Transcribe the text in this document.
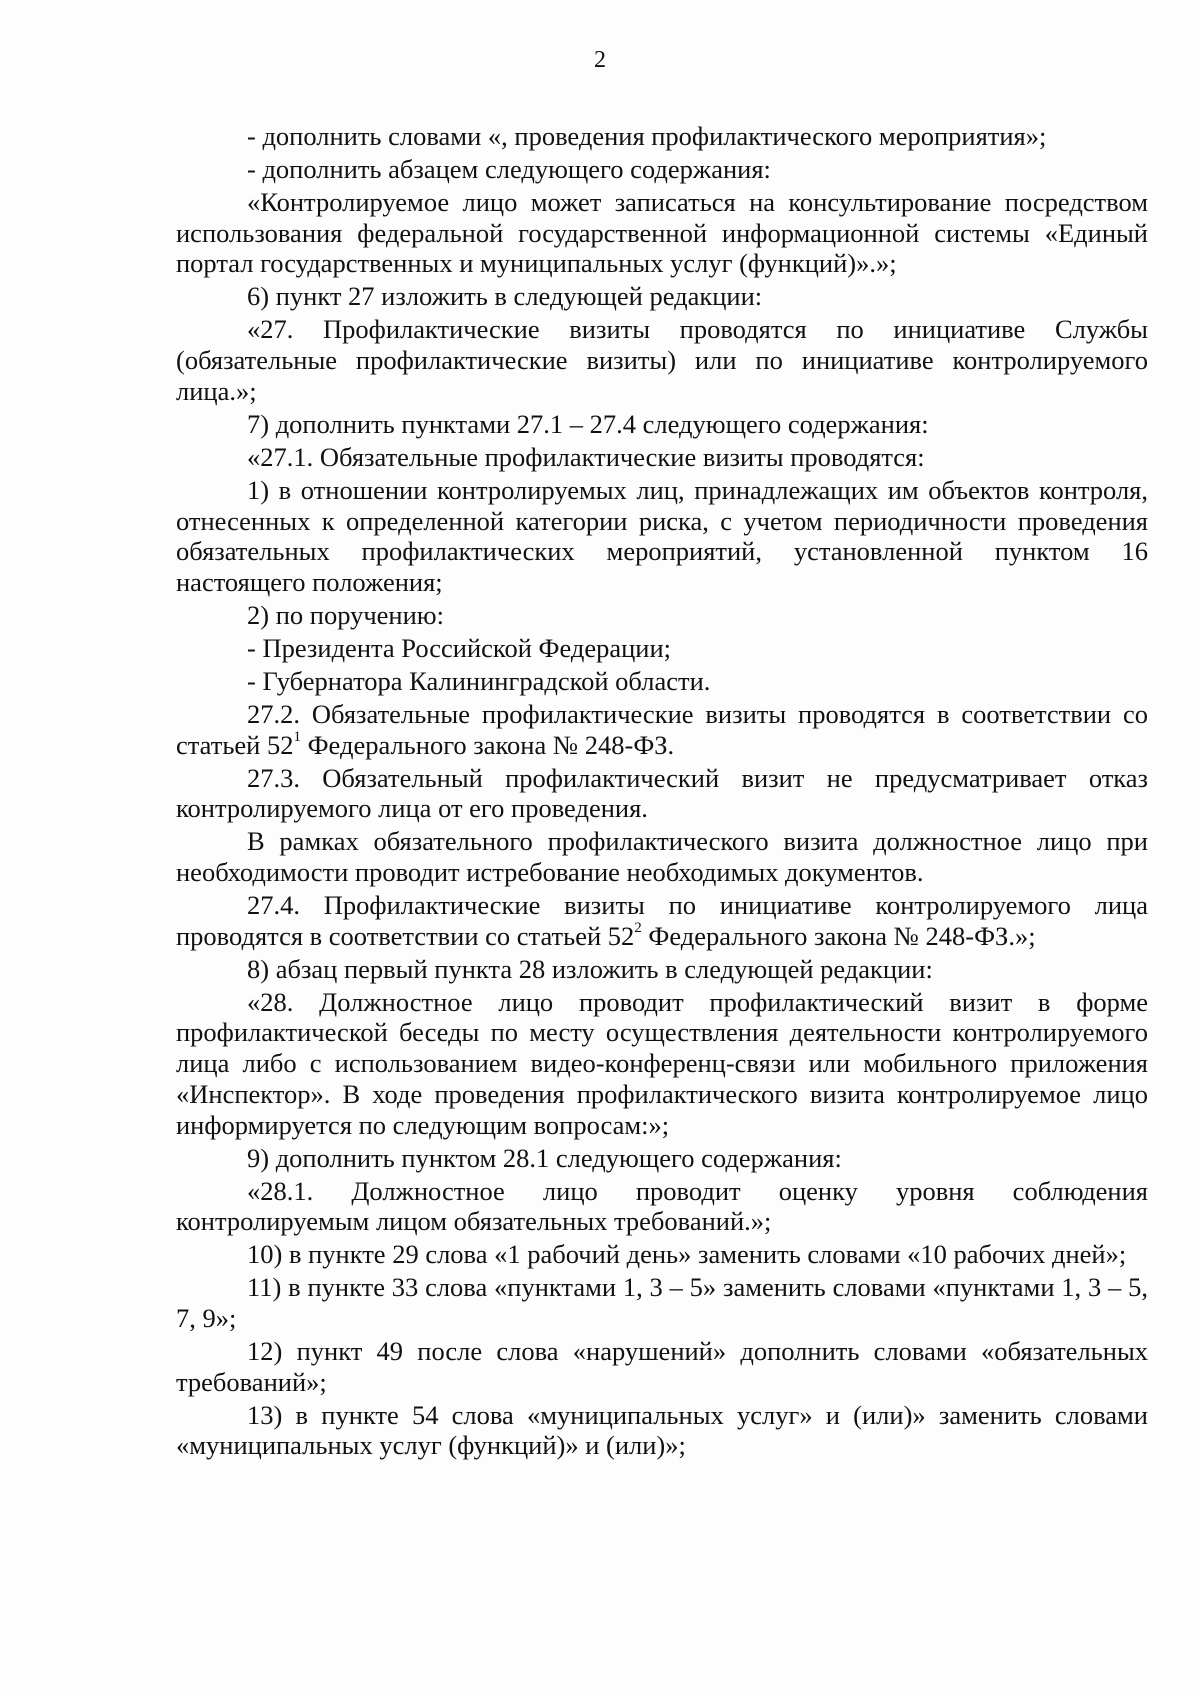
2

- дополнить словами «, проведения профилактического мероприятия»;

- дополнить абзацем следующего содержания:

«Контролируемое лицо может записаться на консультирование посредством использования федеральной государственной информационной системы «Единый портал государственных и муниципальных услуг (функций)».»;

6) пункт 27 изложить в следующей редакции:

«27. Профилактические визиты проводятся по инициативе Службы (обязательные профилактические визиты) или по инициативе контролируемого лица.»;

7) дополнить пунктами 27.1 – 27.4 следующего содержания:

«27.1. Обязательные профилактические визиты проводятся:

1) в отношении контролируемых лиц, принадлежащих им объектов контроля, отнесенных к определенной категории риска, с учетом периодичности проведения обязательных профилактических мероприятий, установленной пунктом 16 настоящего положения;

2) по поручению:

- Президента Российской Федерации;

- Губернатора Калининградской области.

27.2. Обязательные профилактические визиты проводятся в соответствии со статьей $52^1$ Федерального закона № 248-ФЗ.

27.3. Обязательный профилактический визит не предусматривает отказ контролируемого лица от его проведения.

В рамках обязательного профилактического визита должностное лицо при необходимости проводит истребование необходимых документов.

27.4. Профилактические визиты по инициативе контролируемого лица проводятся в соответствии со статьей $52^2$ Федерального закона № 248-ФЗ.»;

8) абзац первый пункта 28 изложить в следующей редакции:

«28. Должностное лицо проводит профилактический визит в форме профилактической беседы по месту осуществления деятельности контролируемого лица либо с использованием видео-конференц-связи или мобильного приложения «Инспектор». В ходе проведения профилактического визита контролируемое лицо информируется по следующим вопросам:»;

9) дополнить пунктом 28.1 следующего содержания:

«28.1. Должностное лицо проводит оценку уровня соблюдения контролируемым лицом обязательных требований.»;

10) в пункте 29 слова «1 рабочий день» заменить словами «10 рабочих дней»;

11) в пункте 33 слова «пунктами 1, 3 – 5» заменить словами «пунктами 1, 3 – 5, 7, 9»;

12) пункт 49 после слова «нарушений» дополнить словами «обязательных требований»;

13) в пункте 54 слова «муниципальных услуг» и (или)» заменить словами «муниципальных услуг (функций)» и (или)»;
